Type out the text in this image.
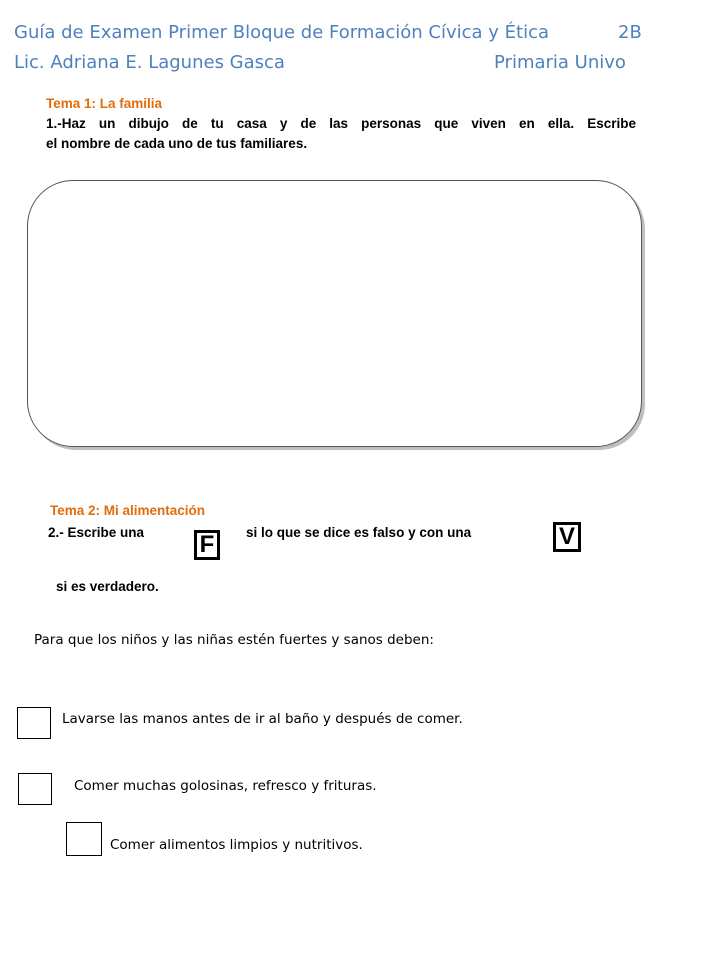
Guía de Examen Primer Bloque de Formación Cívica y Ética	2B
Lic. Adriana E. Lagunes Gasca	Primaria Univo
Tema 1: La familia
1.-Haz un dibujo de tu casa y de las personas que viven en ella. Escribe
el nombre de cada uno de tus familiares.
Tema 2: Mi alimentación
2.- Escribe una F	si lo que se dice es falso y con una	V
si es verdadero.
Para que los niños y las niñas estén fuertes y sanos deben:
Lavarse las manos antes de ir al baño y después de comer.
Comer muchas golosinas, refresco y frituras.
Comer alimentos limpios y nutritivos.
